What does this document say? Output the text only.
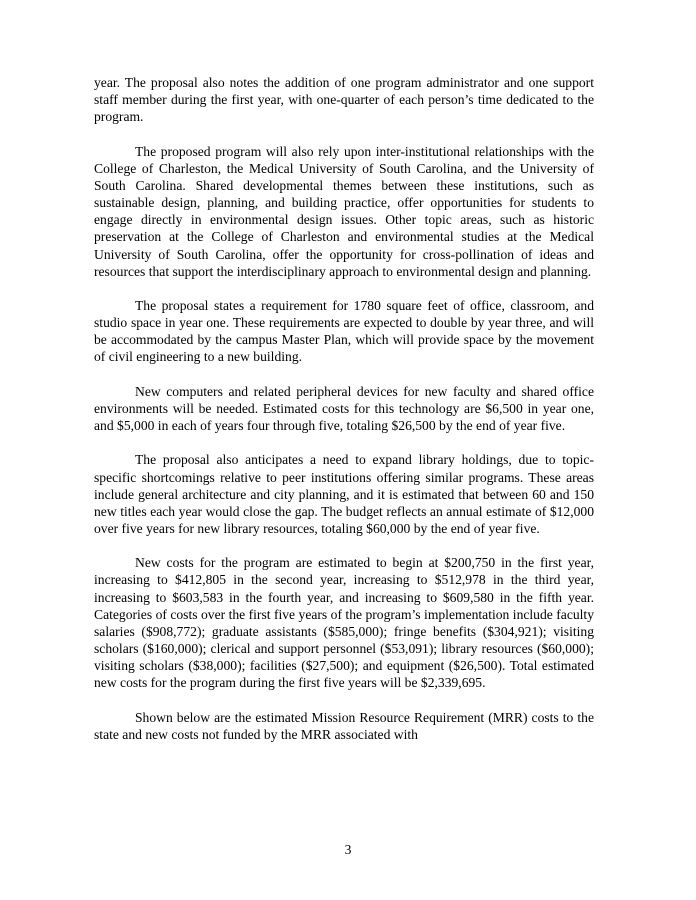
year. The proposal also notes the addition of one program administrator and one support staff member during the first year, with one-quarter of each person’s time dedicated to the program.

The proposed program will also rely upon inter-institutional relationships with the College of Charleston, the Medical University of South Carolina, and the University of South Carolina. Shared developmental themes between these institutions, such as sustainable design, planning, and building practice, offer opportunities for students to engage directly in environmental design issues. Other topic areas, such as historic preservation at the College of Charleston and environmental studies at the Medical University of South Carolina, offer the opportunity for cross-pollination of ideas and resources that support the interdisciplinary approach to environmental design and planning.

The proposal states a requirement for 1780 square feet of office, classroom, and studio space in year one. These requirements are expected to double by year three, and will be accommodated by the campus Master Plan, which will provide space by the movement of civil engineering to a new building.

New computers and related peripheral devices for new faculty and shared office environments will be needed. Estimated costs for this technology are $6,500 in year one, and $5,000 in each of years four through five, totaling $26,500 by the end of year five.

The proposal also anticipates a need to expand library holdings, due to topic-specific shortcomings relative to peer institutions offering similar programs. These areas include general architecture and city planning, and it is estimated that between 60 and 150 new titles each year would close the gap. The budget reflects an annual estimate of $12,000 over five years for new library resources, totaling $60,000 by the end of year five.

New costs for the program are estimated to begin at $200,750 in the first year, increasing to $412,805 in the second year, increasing to $512,978 in the third year, increasing to $603,583 in the fourth year, and increasing to $609,580 in the fifth year. Categories of costs over the first five years of the program’s implementation include faculty salaries ($908,772); graduate assistants ($585,000); fringe benefits ($304,921); visiting scholars ($160,000); clerical and support personnel ($53,091); library resources ($60,000); visiting scholars ($38,000); facilities ($27,500); and equipment ($26,500). Total estimated new costs for the program during the first five years will be $2,339,695.

Shown below are the estimated Mission Resource Requirement (MRR) costs to the state and new costs not funded by the MRR associated with

3
